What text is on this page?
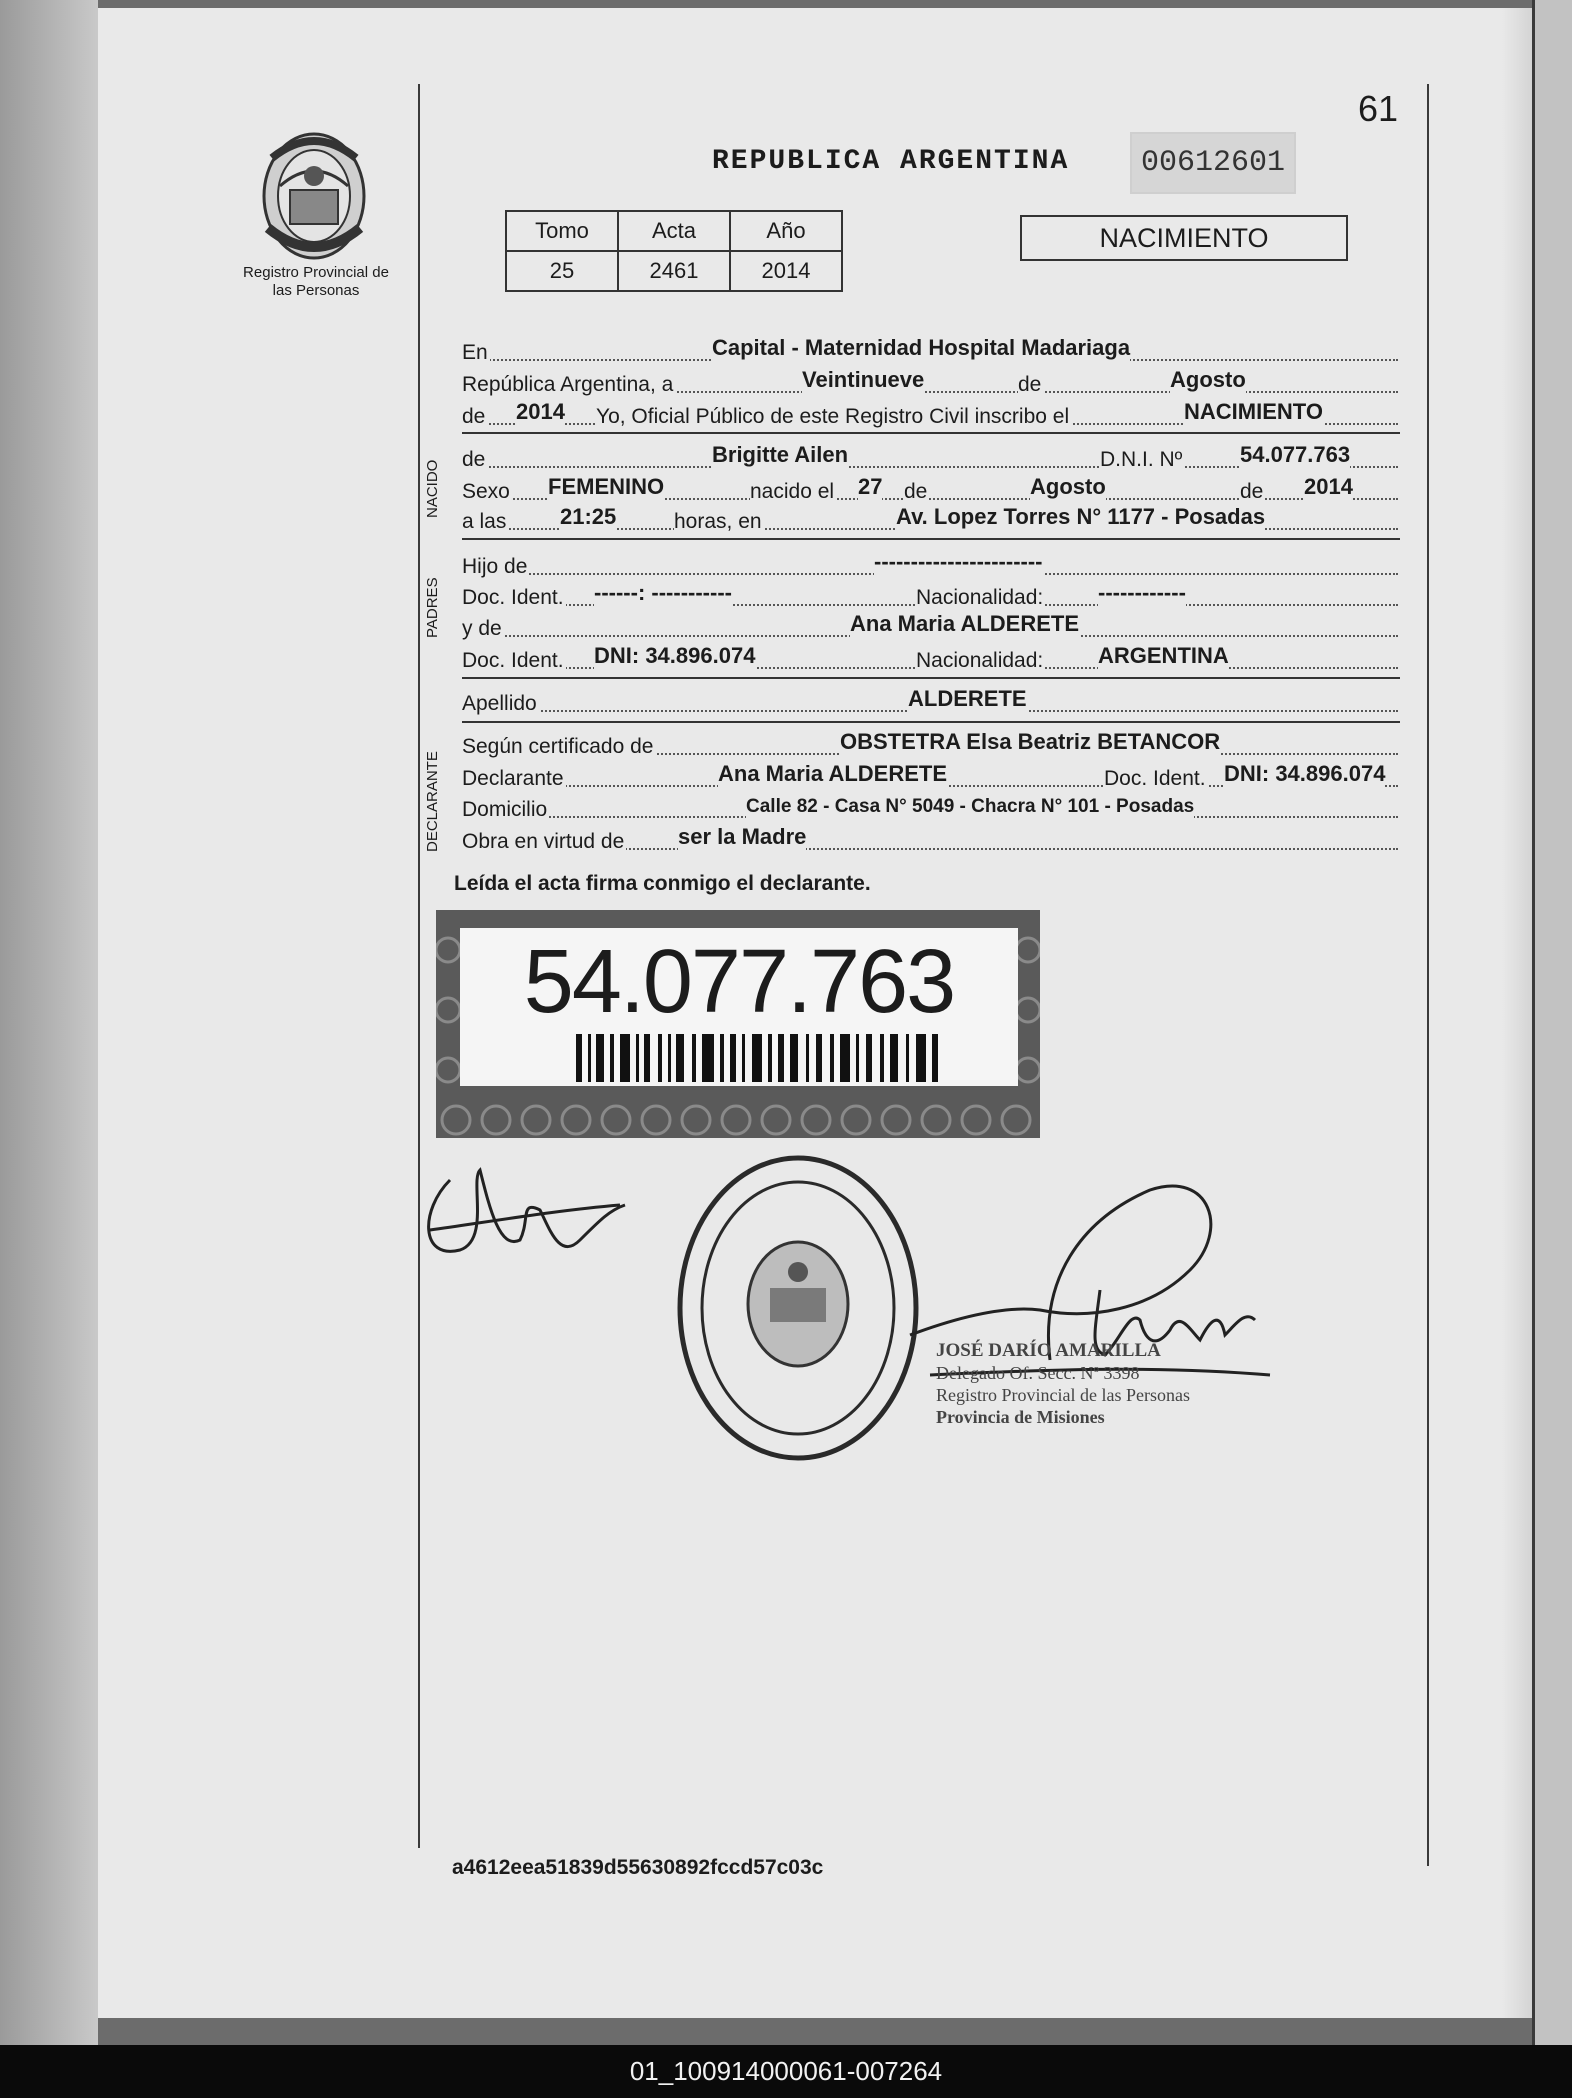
61
Registro Provincial de las Personas
REPUBLICA ARGENTINA	00612601
Tomo	Acta	Año
25	2461	2014
NACIMIENTO
En	Capital - Maternidad Hospital Madariaga
República Argentina, a	Veintinueve	de	Agosto
de 2014 Yo, Oficial Público de este Registro Civil inscribo el	NACIMIENTO
NACIDO
de	Brigitte Ailen	D.N.I. Nº	54.077.763
Sexo FEMENINO	nacido el 27 de	Agosto	de 2014
a las 21:25	horas, en	Av. Lopez Torres N° 1177 - Posadas
PADRES
Hijo de	-----------------------
Doc. Ident. ------: -----------	Nacionalidad: ------------
y de	Ana Maria ALDERETE
Doc. Ident. DNI: 34.896.074	Nacionalidad: ARGENTINA
Apellido	ALDERETE
DECLARANTE
Según certificado de	OBSTETRA Elsa Beatriz BETANCOR
Declarante	Ana Maria ALDERETE	Doc. Ident. DNI: 34.896.074
Domicilio	Calle 82 - Casa N° 5049 - Chacra N° 101 - Posadas
Obra en virtud de ser la Madre
Leída el acta firma conmigo el declarante.
54.077.763
JOSÉ DARÍO AMARILLA
Delegado Of. Secc. Nº 3398
Registro Provincial de las Personas
Provincia de Misiones
a4612eea51839d55630892fccd57c03c
01_100914000061-007264
